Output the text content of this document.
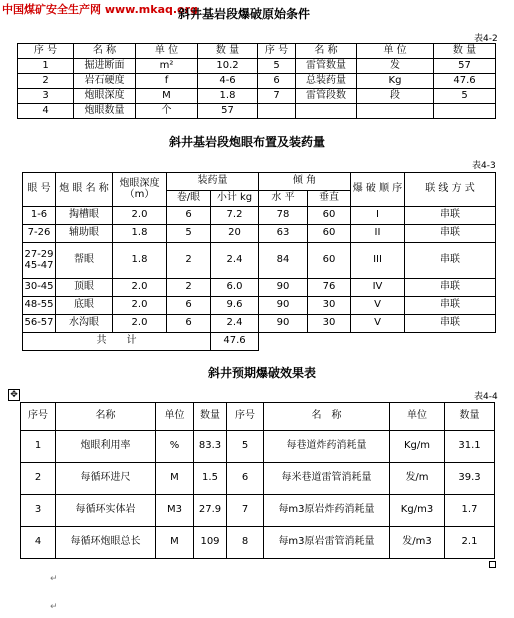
中国煤矿安全生产网 www.mkaq.org
斜井基岩段爆破原始条件
表4-2
序 号	名 称	单 位	数 量	序 号	名 称	单 位	数 量
1	掘进断面	m²	10.2	5	雷管数量	发	57
2	岩石硬度	f	4-6	6	总装药量	Kg	47.6
3	炮眼深度	M	1.8	7	雷管段数	段	5
4	炮眼数量	个	57				
斜井基岩段炮眼布置及装药量
表4-3
眼 号	炮 眼 名 称	炮眼深度（m）	装药量		倾 角		爆 破 顺 序	联 线 方 式
			卷/眼	小计 kg	水 平	垂直		
1-6	掏槽眼	2.0	6	7.2	78	60	I	串联
7-26	辅助眼	1.8	5	20	63	60	II	串联
27-29
45-47	帮眼	1.8	2	2.4	84	60	III	串联
30-45	顶眼	2.0	2	6.0	90	76	IV	串联
48-55	底眼	2.0	6	9.6	90	30	V	串联
56-57	水沟眼	2.0	6	2.4	90	30	V	串联
共　　计				47.6				
斜井预期爆破效果表
表4-4
✥
序号	名称	单位	数量	序号	名　称	单位	数量
1	炮眼利用率	%	83.3	5	每巷道炸药消耗量	Kg/m	31.1
2	每循环进尺	M	1.5	6	每米巷道雷管消耗量	发/m	39.3
3	每循环实体岩	M3	27.9	7	每m3原岩炸药消耗量	Kg/m3	1.7
4	每循环炮眼总长	M	109	8	每m3原岩雷管消耗量	发/m3	2.1
↵
↵
